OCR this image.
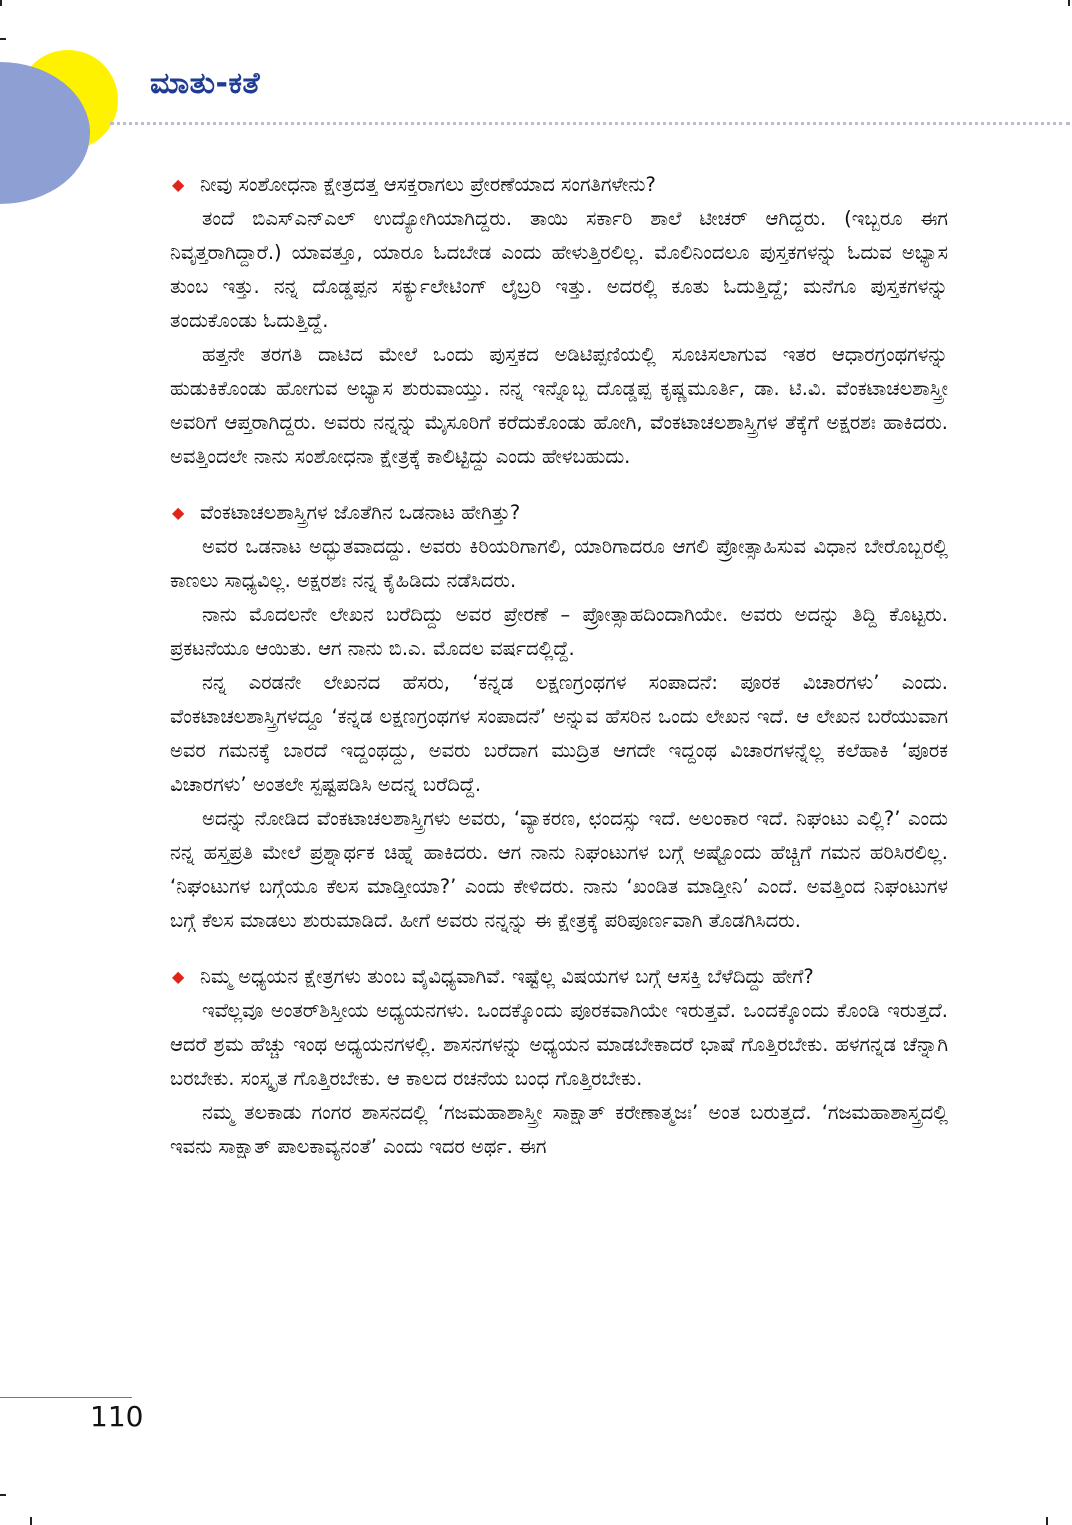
ಮಾತು-ಕತೆ

◆ ನೀವು ಸಂಶೋಧನಾ ಕ್ಷೇತ್ರದತ್ತ ಆಸಕ್ತರಾಗಲು ಪ್ರೇರಣೆಯಾದ ಸಂಗತಿಗಳೇನು?

ತಂದೆ ಬಿಎಸ್‌ಎನ್‌ಎಲ್ ಉದ್ಯೋಗಿಯಾಗಿದ್ದರು. ತಾಯಿ ಸರ್ಕಾರಿ ಶಾಲೆ ಟೀಚರ್ ಆಗಿದ್ದರು. (ಇಬ್ಬರೂ ಈಗ ನಿವೃತ್ತರಾಗಿದ್ದಾರೆ.) ಯಾವತ್ತೂ, ಯಾರೂ ಓದಬೇಡ ಎಂದು ಹೇಳುತ್ತಿರಲಿಲ್ಲ. ಮೊಲಿನಿಂದಲೂ ಪುಸ್ತಕಗಳನ್ನು ಓದುವ ಅಭ್ಯಾಸ ತುಂಬ ಇತ್ತು. ನನ್ನ ದೊಡ್ಡಪ್ಪನ ಸರ್ಕ್ಯುಲೇಟಿಂಗ್ ಲೈಬ್ರರಿ ಇತ್ತು. ಅದರಲ್ಲಿ ಕೂತು ಓದುತ್ತಿದ್ದೆ; ಮನೆಗೂ ಪುಸ್ತಕಗಳನ್ನು ತಂದುಕೊಂಡು ಓದುತ್ತಿದ್ದೆ.

ಹತ್ತನೇ ತರಗತಿ ದಾಟಿದ ಮೇಲೆ ಒಂದು ಪುಸ್ತಕದ ಅಡಿಟಿಪ್ಪಣಿಯಲ್ಲಿ ಸೂಚಿಸಲಾಗುವ ಇತರ ಆಧಾರಗ್ರಂಥಗಳನ್ನು ಹುಡುಕಿಕೊಂಡು ಹೋಗುವ ಅಭ್ಯಾಸ ಶುರುವಾಯ್ತು. ನನ್ನ ಇನ್ನೊಬ್ಬ ದೊಡ್ಡಪ್ಪ ಕೃಷ್ಣಮೂರ್ತಿ, ಡಾ. ಟಿ.ವಿ. ವೆಂಕಟಾಚಲಶಾಸ್ತ್ರೀ ಅವರಿಗೆ ಆಪ್ತರಾಗಿದ್ದರು. ಅವರು ನನ್ನನ್ನು ಮೈಸೂರಿಗೆ ಕರೆದುಕೊಂಡು ಹೋಗಿ, ವೆಂಕಟಾಚಲಶಾಸ್ತ್ರಿಗಳ ತೆಕ್ಕೆಗೆ ಅಕ್ಷರಶಃ ಹಾಕಿದರು. ಅವತ್ತಿಂದಲೇ ನಾನು ಸಂಶೋಧನಾ ಕ್ಷೇತ್ರಕ್ಕೆ ಕಾಲಿಟ್ಟಿದ್ದು ಎಂದು ಹೇಳಬಹುದು.

◆ ವೆಂಕಟಾಚಲಶಾಸ್ತ್ರಿಗಳ ಜೊತೆಗಿನ ಒಡನಾಟ ಹೇಗಿತ್ತು?

ಅವರ ಒಡನಾಟ ಅದ್ಭುತವಾದದ್ದು. ಅವರು ಕಿರಿಯರಿಗಾಗಲಿ, ಯಾರಿಗಾದರೂ ಆಗಲಿ ಪ್ರೋತ್ಸಾಹಿಸುವ ವಿಧಾನ ಬೇರೊಬ್ಬರಲ್ಲಿ ಕಾಣಲು ಸಾಧ್ಯವಿಲ್ಲ. ಅಕ್ಷರಶಃ ನನ್ನ ಕೈಹಿಡಿದು ನಡೆಸಿದರು.

ನಾನು ಮೊದಲನೇ ಲೇಖನ ಬರೆದಿದ್ದು ಅವರ ಪ್ರೇರಣೆ – ಪ್ರೋತ್ಸಾಹದಿಂದಾಗಿಯೇ. ಅವರು ಅದನ್ನು ತಿದ್ದಿ ಕೊಟ್ಟರು. ಪ್ರಕಟನೆಯೂ ಆಯಿತು. ಆಗ ನಾನು ಬಿ.ಎ. ಮೊದಲ ವರ್ಷದಲ್ಲಿದ್ದೆ.

ನನ್ನ ಎರಡನೇ ಲೇಖನದ ಹೆಸರು, ‘ಕನ್ನಡ ಲಕ್ಷಣಗ್ರಂಥಗಳ ಸಂಪಾದನೆ: ಪೂರಕ ವಿಚಾರಗಳು’ ಎಂದು. ವೆಂಕಟಾಚಲಶಾಸ್ತ್ರಿಗಳದ್ದೂ ‘ಕನ್ನಡ ಲಕ್ಷಣಗ್ರಂಥಗಳ ಸಂಪಾದನೆ’ ಅನ್ನುವ ಹೆಸರಿನ ಒಂದು ಲೇಖನ ಇದೆ. ಆ ಲೇಖನ ಬರೆಯುವಾಗ ಅವರ ಗಮನಕ್ಕೆ ಬಾರದೆ ಇದ್ದಂಥದ್ದು, ಅವರು ಬರೆದಾಗ ಮುದ್ರಿತ ಆಗದೇ ಇದ್ದಂಥ ವಿಚಾರಗಳನ್ನೆಲ್ಲ ಕಲೆಹಾಕಿ ‘ಪೂರಕ ವಿಚಾರಗಳು’ ಅಂತಲೇ ಸ್ಪಷ್ಟಪಡಿಸಿ ಅದನ್ನ ಬರೆದಿದ್ದೆ.

ಅದನ್ನು ನೋಡಿದ ವೆಂಕಟಾಚಲಶಾಸ್ತ್ರಿಗಳು ಅವರು, ‘ವ್ಯಾಕರಣ, ಛಂದಸ್ಸು ಇದೆ. ಅಲಂಕಾರ ಇದೆ. ನಿಘಂಟು ಎಲ್ಲಿ?’ ಎಂದು ನನ್ನ ಹಸ್ತಪ್ರತಿ ಮೇಲೆ ಪ್ರಶ್ನಾರ್ಥಕ ಚಿಹ್ನೆ ಹಾಕಿದರು. ಆಗ ನಾನು ನಿಘಂಟುಗಳ ಬಗ್ಗೆ ಅಷ್ಟೊಂದು ಹೆಚ್ಚಿಗೆ ಗಮನ ಹರಿಸಿರಲಿಲ್ಲ. ‘ನಿಘಂಟುಗಳ ಬಗ್ಗೆಯೂ ಕೆಲಸ ಮಾಡ್ತೀಯಾ?’ ಎಂದು ಕೇಳಿದರು. ನಾನು ‘ಖಂಡಿತ ಮಾಡ್ತೀನಿ’ ಎಂದೆ. ಅವತ್ತಿಂದ ನಿಘಂಟುಗಳ ಬಗ್ಗೆ ಕೆಲಸ ಮಾಡಲು ಶುರುಮಾಡಿದೆ. ಹೀಗೆ ಅವರು ನನ್ನನ್ನು ಈ ಕ್ಷೇತ್ರಕ್ಕೆ ಪರಿಪೂರ್ಣವಾಗಿ ತೊಡಗಿಸಿದರು.

◆ ನಿಮ್ಮ ಅಧ್ಯಯನ ಕ್ಷೇತ್ರಗಳು ತುಂಬ ವೈವಿಧ್ಯವಾಗಿವೆ. ಇಷ್ಟೆಲ್ಲ ವಿಷಯಗಳ ಬಗ್ಗೆ ಆಸಕ್ತಿ ಬೆಳೆದಿದ್ದು ಹೇಗೆ?

ಇವೆಲ್ಲವೂ ಅಂತರ್‌ಶಿಸ್ತೀಯ ಅಧ್ಯಯನಗಳು. ಒಂದಕ್ಕೊಂದು ಪೂರಕವಾಗಿಯೇ ಇರುತ್ತವೆ. ಒಂದಕ್ಕೊಂದು ಕೊಂಡಿ ಇರುತ್ತದೆ. ಆದರೆ ಶ್ರಮ ಹೆಚ್ಚು ಇಂಥ ಅಧ್ಯಯನಗಳಲ್ಲಿ. ಶಾಸನಗಳನ್ನು ಅಧ್ಯಯನ ಮಾಡಬೇಕಾದರೆ ಭಾಷೆ ಗೊತ್ತಿರಬೇಕು. ಹಳಗನ್ನಡ ಚೆನ್ನಾಗಿ ಬರಬೇಕು. ಸಂಸ್ಕೃತ ಗೊತ್ತಿರಬೇಕು. ಆ ಕಾಲದ ರಚನೆಯ ಬಂಧ ಗೊತ್ತಿರಬೇಕು.

ನಮ್ಮ ತಲಕಾಡು ಗಂಗರ ಶಾಸನದಲ್ಲಿ ‘ಗಜಮಹಾಶಾಸ್ತ್ರೀ ಸಾಕ್ಷಾತ್ ಕರೇಣಾತ್ಮಜಃ’ ಅಂತ ಬರುತ್ತದೆ. ‘ಗಜಮಹಾಶಾಸ್ತ್ರದಲ್ಲಿ ಇವನು ಸಾಕ್ಷಾತ್ ಪಾಲಕಾವ್ಯನಂತೆ’ ಎಂದು ಇದರ ಅರ್ಥ. ಈಗ

110
